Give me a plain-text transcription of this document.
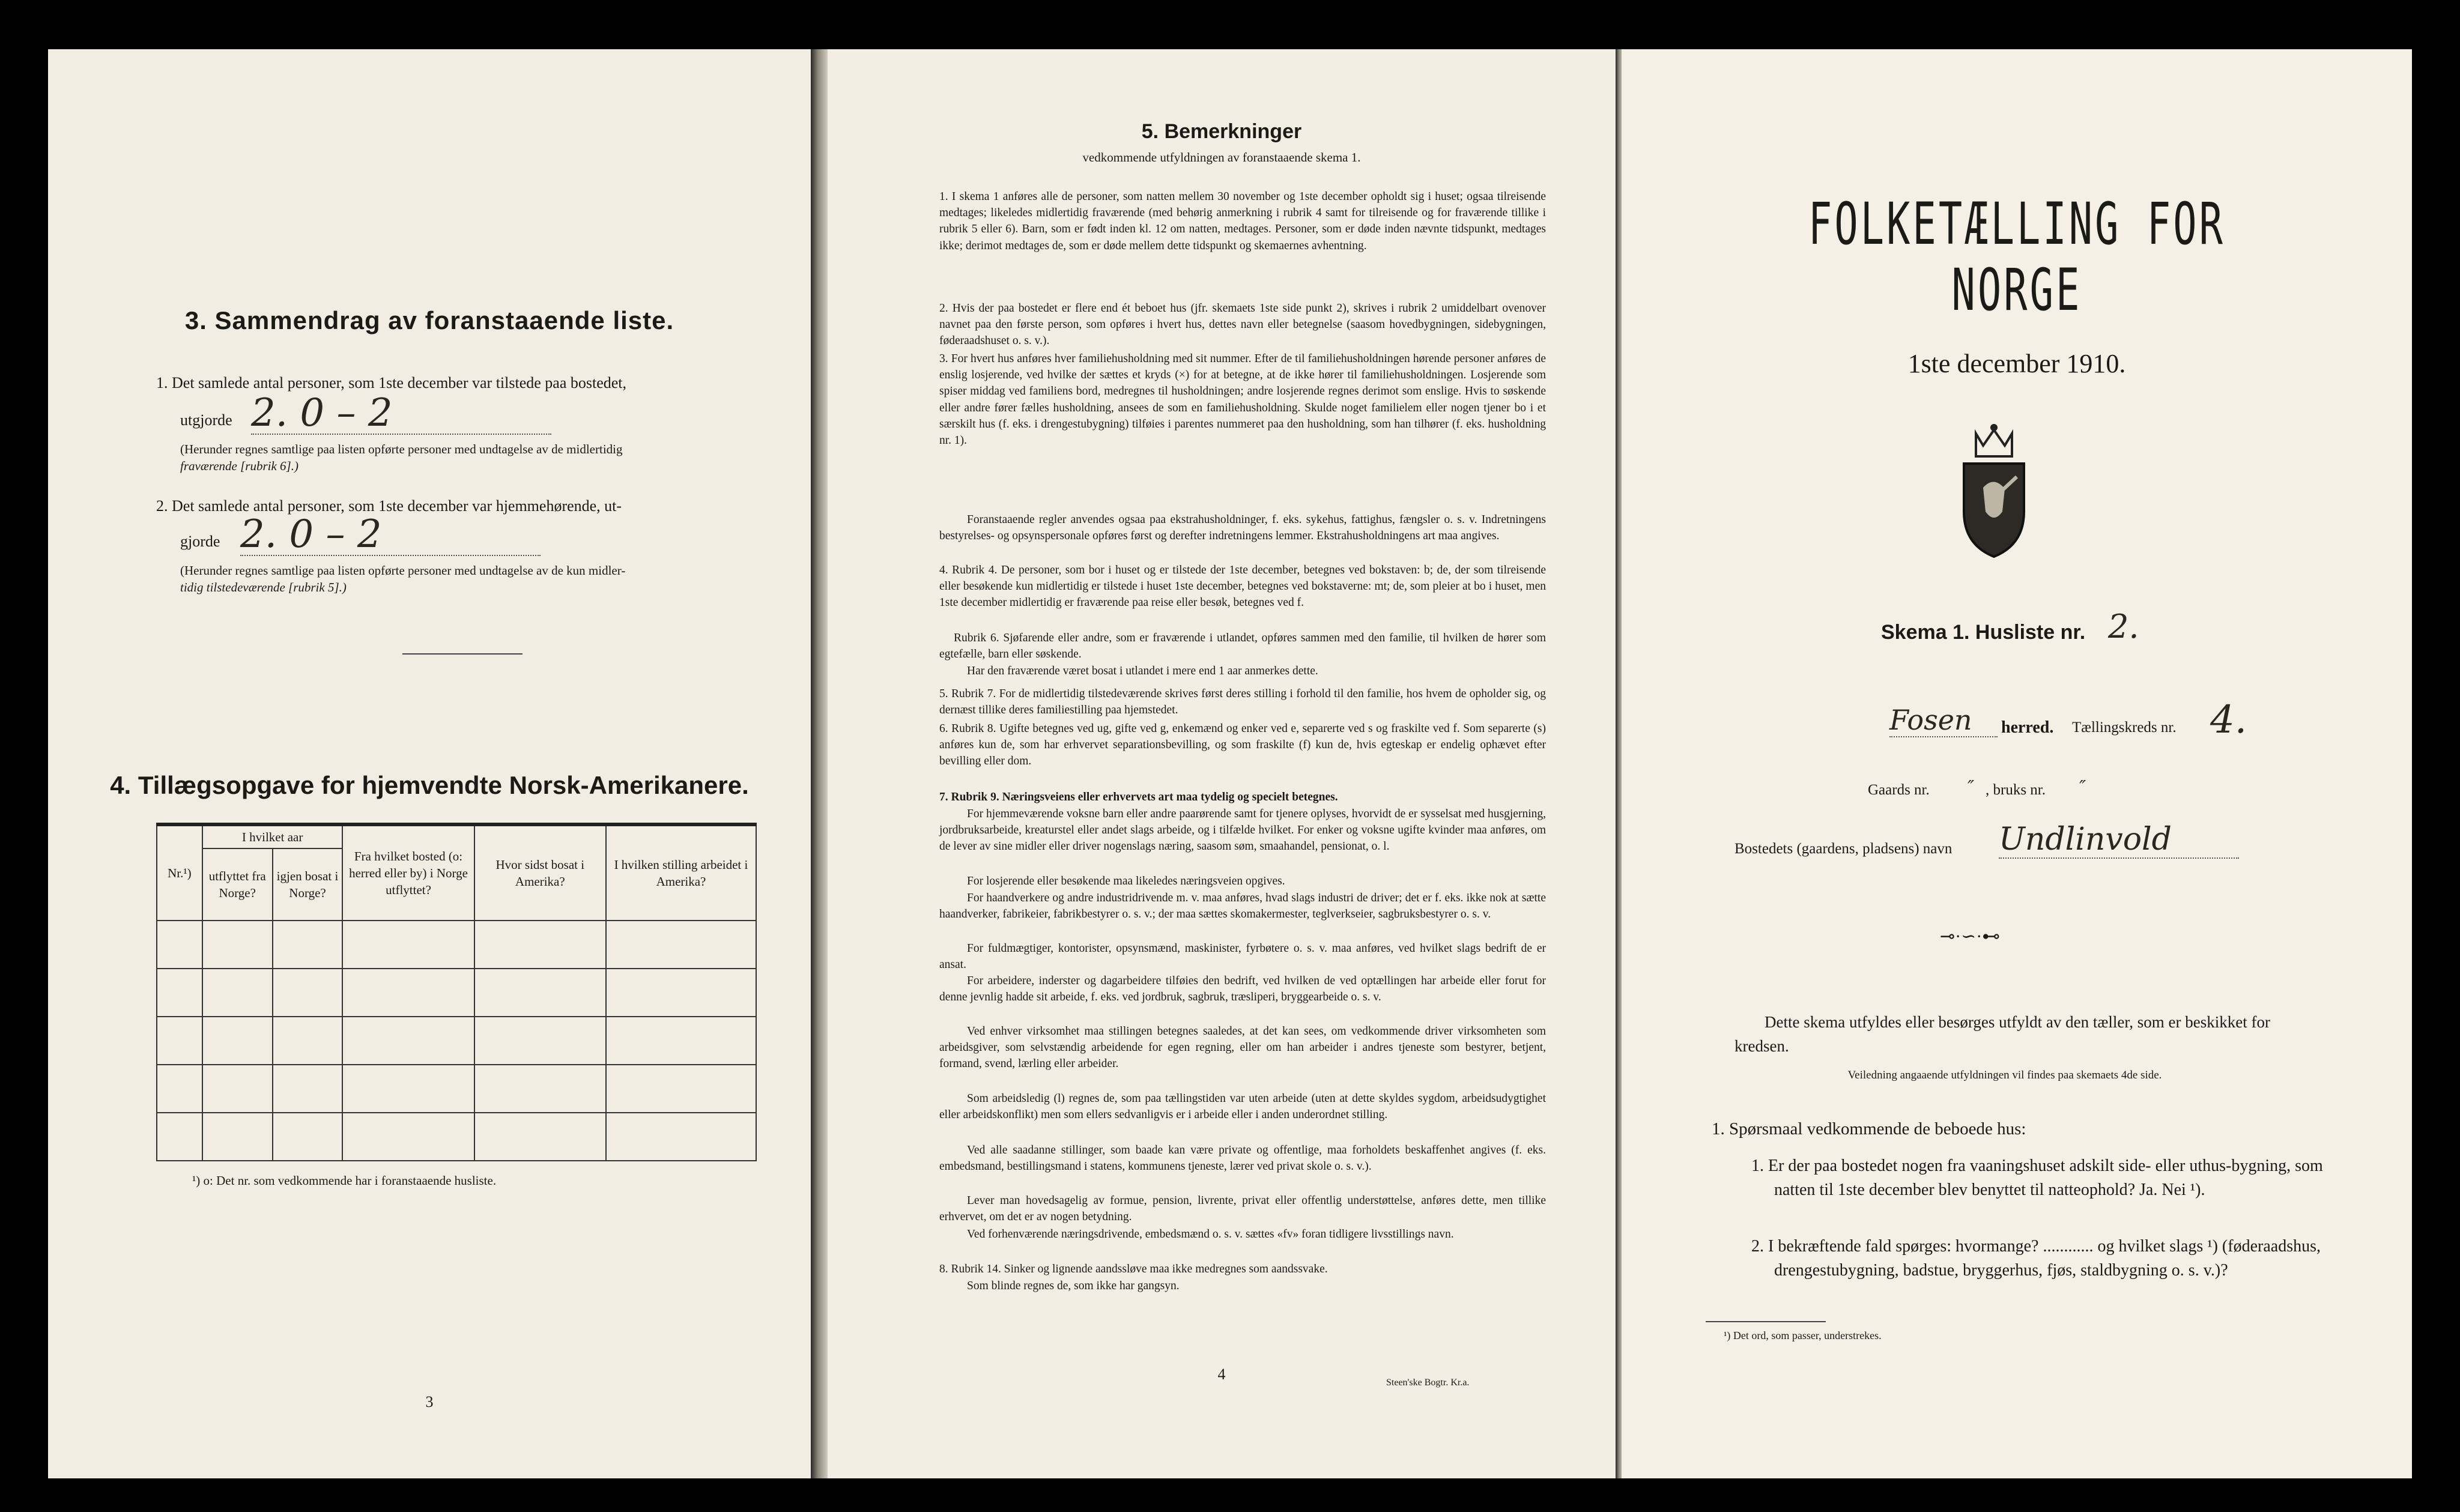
3. Sammendrag av foranstaaende liste.
1. Det samlede antal personer, som 1ste december var tilstede paa bostedet,
utgjorde 2. 0 – 2
(Herunder regnes samtlige paa listen opførte personer med undtagelse av de midlertidig
fraværende [rubrik 6].)
2. Det samlede antal personer, som 1ste december var hjemmehørende, ut-
gjorde 2. 0 – 2
(Herunder regnes samtlige paa listen opførte personer med undtagelse av de kun midler-
tidig tilstedeværende [rubrik 5].)
4. Tillægsopgave for hjemvendte Norsk-Amerikanere.
Nr.¹)	I hvilket aar		Fra hvilket bosted (o: herred eller by) i Norge utflyttet?	Hvor sidst bosat i Amerika?	I hvilken stilling arbeidet i Amerika?
	utflyttet fra Norge?	igjen bosat i Norge?			

¹) o: Det nr. som vedkommende har i foranstaaende husliste.
3
5. Bemerkninger
vedkommende utfyldningen av foranstaaende skema 1.

1. I skema 1 anføres alle de personer, som natten mellem 30 november og 1ste december opholdt sig i huset; ogsaa tilreisende medtages; likeledes midlertidig fraværende (med behørig anmerkning i rubrik 4 samt for tilreisende og for fraværende tillike i rubrik 5 eller 6). Barn, som er født inden kl. 12 om natten, medtages. Personer, som er døde inden nævnte tidspunkt, medtages ikke; derimot medtages de, som er døde mellem dette tidspunkt og skemaernes avhentning.

2. Hvis der paa bostedet er flere end ét beboet hus (jfr. skemaets 1ste side punkt 2), skrives i rubrik 2 umiddelbart ovenover navnet paa den første person, som opføres i hvert hus, dettes navn eller betegnelse (saasom hovedbygningen, sidebygningen, føderaadshuset o. s. v.).

3. For hvert hus anføres hver familiehusholdning med sit nummer. Efter de til familiehusholdningen hørende personer anføres de enslig losjerende, ved hvilke der sættes et kryds (×) for at betegne, at de ikke hører til familiehusholdningen. Losjerende som spiser middag ved familiens bord, medregnes til husholdningen; andre losjerende regnes derimot som enslige. Hvis to søskende eller andre fører fælles husholdning, ansees de som en familiehusholdning. Skulde noget familielem eller nogen tjener bo i et særskilt hus (f. eks. i drengestubygning) tilføies i parentes nummeret paa den husholdning, som han tilhører (f. eks. husholdning nr. 1).

Foranstaaende regler anvendes ogsaa paa ekstrahusholdninger, f. eks. sykehus, fattighus, fængsler o. s. v. Indretningens bestyrelses- og opsynspersonale opføres først og derefter indretningens lemmer. Ekstrahusholdningens art maa angives.

4. Rubrik 4. De personer, som bor i huset og er tilstede der 1ste december, betegnes ved bokstaven: b; de, der som tilreisende eller besøkende kun midlertidig er tilstede i huset 1ste december, betegnes ved bokstaverne: mt; de, som pleier at bo i huset, men 1ste december midlertidig er fraværende paa reise eller besøk, betegnes ved f.

Rubrik 6. Sjøfarende eller andre, som er fraværende i utlandet, opføres sammen med den familie, til hvilken de hører som egtefælle, barn eller søskende.

Har den fraværende været bosat i utlandet i mere end 1 aar anmerkes dette.

5. Rubrik 7. For de midlertidig tilstedeværende skrives først deres stilling i forhold til den familie, hos hvem de opholder sig, og dernæst tillike deres familiestilling paa hjemstedet.

6. Rubrik 8. Ugifte betegnes ved ug, gifte ved g, enkemænd og enker ved e, separerte ved s og fraskilte ved f. Som separerte (s) anføres kun de, som har erhvervet separationsbevilling, og som fraskilte (f) kun de, hvis egteskap er endelig ophævet efter bevilling eller dom.

7. Rubrik 9. Næringsveiens eller erhvervets art maa tydelig og specielt betegnes.

For hjemmeværende voksne barn eller andre paarørende samt for tjenere oplyses, hvorvidt de er sysselsat med husgjerning, jordbruksarbeide, kreaturstel eller andet slags arbeide, og i tilfælde hvilket. For enker og voksne ugifte kvinder maa anføres, om de lever av sine midler eller driver nogenslags næring, saasom søm, smaahandel, pensionat, o. l.

For losjerende eller besøkende maa likeledes næringsveien opgives.

For haandverkere og andre industridrivende m. v. maa anføres, hvad slags industri de driver; det er f. eks. ikke nok at sætte haandverker, fabrikeier, fabrikbestyrer o. s. v.; der maa sættes skomakermester, teglverkseier, sagbruksbestyrer o. s. v.

For fuldmægtiger, kontorister, opsynsmænd, maskinister, fyrbøtere o. s. v. maa anføres, ved hvilket slags bedrift de er ansat.

For arbeidere, inderster og dagarbeidere tilføies den bedrift, ved hvilken de ved optællingen har arbeide eller forut for denne jevnlig hadde sit arbeide, f. eks. ved jordbruk, sagbruk, træsliperi, bryggearbeide o. s. v.

Ved enhver virksomhet maa stillingen betegnes saaledes, at det kan sees, om vedkommende driver virksomheten som arbeidsgiver, som selvstændig arbeidende for egen regning, eller om han arbeider i andres tjeneste som bestyrer, betjent, formand, svend, lærling eller arbeider.

Som arbeidsledig (l) regnes de, som paa tællingstiden var uten arbeide (uten at dette skyldes sygdom, arbeidsudygtighet eller arbeidskonflikt) men som ellers sedvanligvis er i arbeide eller i anden underordnet stilling.

Ved alle saadanne stillinger, som baade kan være private og offentlige, maa forholdets beskaffenhet angives (f. eks. embedsmand, bestillingsmand i statens, kommunens tjeneste, lærer ved privat skole o. s. v.).

Lever man hovedsagelig av formue, pension, livrente, privat eller offentlig understøttelse, anføres dette, men tillike erhvervet, om det er av nogen betydning.

Ved forhenværende næringsdrivende, embedsmænd o. s. v. sættes «fv» foran tidligere livsstillings navn.

8. Rubrik 14. Sinker og lignende aandssløve maa ikke medregnes som aandssvake.

Som blinde regnes de, som ikke har gangsyn.

4	Steen'ske Bogtr. Kr.a.
FOLKETÆLLING FOR NORGE
1ste december 1910.
Skema 1. Husliste nr. 2.
Fosen	herred. Tællingskreds nr. 4.
Gaards nr. ″ , bruks nr. ″
Bostedets (gaardens, pladsens) navn Undlinvold
⊸·∽·⊷
Dette skema utfyldes eller besørges utfyldt av den tæller, som er beskikket for kredsen.
Veiledning angaaende utfyldningen vil findes paa skemaets 4de side.
1. Spørsmaal vedkommende de beboede hus:
1. Er der paa bostedet nogen fra vaaningshuset adskilt side- eller uthus-bygning, som natten til 1ste december blev benyttet til natteophold? Ja. Nei ¹).
2. I bekræftende fald spørges: hvormange? ............ og hvilket slags ¹) (føderaadshus, drengestubygning, badstue, bryggerhus, fjøs, staldbygning o. s. v.)?
¹) Det ord, som passer, understrekes.
